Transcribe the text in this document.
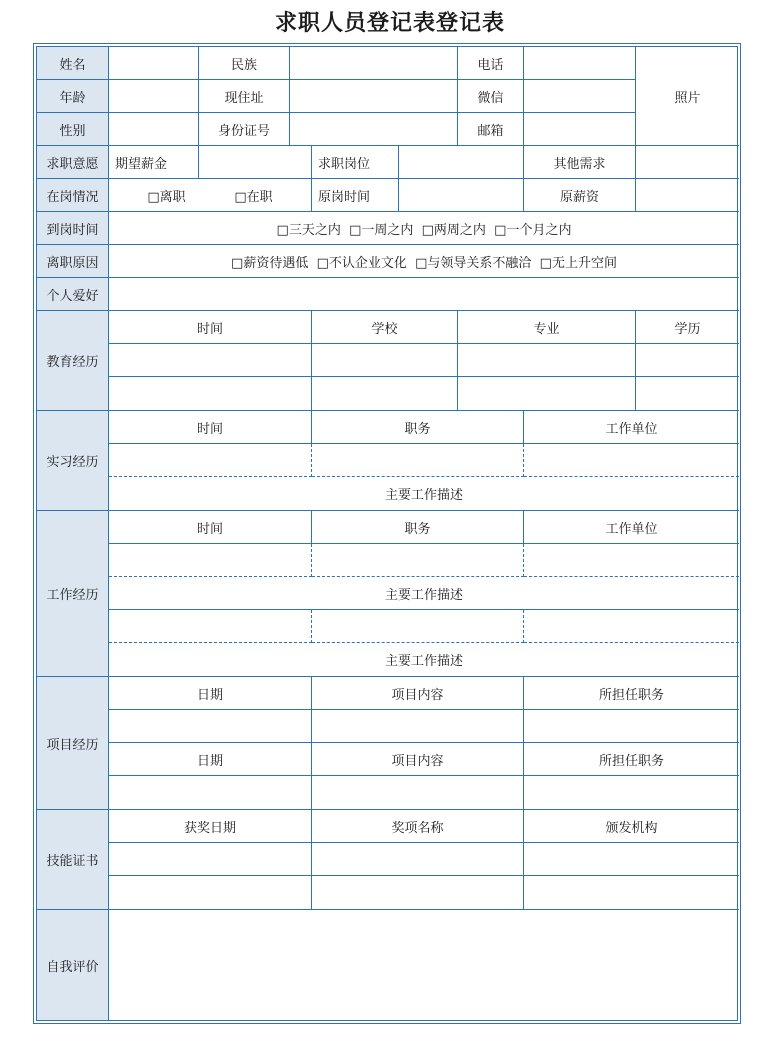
求职人员登记表登记表
姓名	民族	电话
照片
年龄	现住址	微信
性别	身份证号	邮箱
求职意愿	期望薪金	求职岗位	其他需求
在岗情况	□离职	□在职	原岗时间	原薪资
到岗时间	□三天之内  □一周之内  □两周之内  □一个月之内
离职原因	□薪资待遇低  □不认企业文化  □与领导关系不融洽  □无上升空间
个人爱好
教育经历
时间	学校	专业	学历
实习经历
时间	职务	工作单位
主要工作描述
工作经历
时间	职务	工作单位
主要工作描述
主要工作描述
项目经历
日期	项目内容	所担任职务
日期	项目内容	所担任职务
技能证书
获奖日期	奖项名称	颁发机构
自我评价
